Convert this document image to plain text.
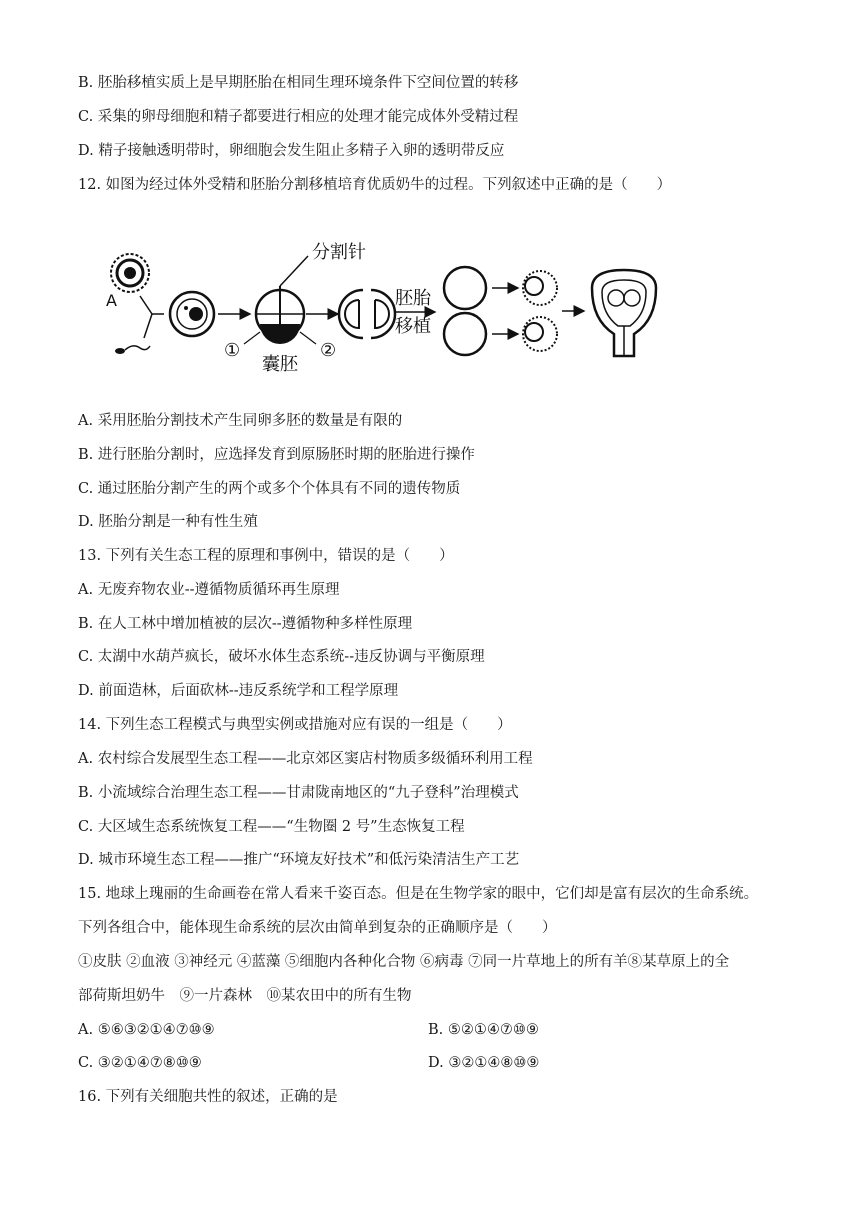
B. 胚胎移植实质上是早期胚胎在相同生理环境条件下空间位置的转移
C. 采集的卵母细胞和精子都要进行相应的处理才能完成体外受精过程
D. 精子接触透明带时，卵细胞会发生阻止多精子入卵的透明带反应
12. 如图为经过体外受精和胚胎分割移植培育优质奶牛的过程。下列叙述中正确的是（　　）
A
分割针
①	②
囊胚
胚胎
移植
A. 采用胚胎分割技术产生同卵多胚的数量是有限的
B. 进行胚胎分割时，应选择发育到原肠胚时期的胚胎进行操作
C. 通过胚胎分割产生的两个或多个个体具有不同的遗传物质
D. 胚胎分割是一种有性生殖
13. 下列有关生态工程的原理和事例中，错误的是（　　）
A. 无废弃物农业--遵循物质循环再生原理
B. 在人工林中增加植被的层次--遵循物种多样性原理
C. 太湖中水葫芦疯长，破坏水体生态系统--违反协调与平衡原理
D. 前面造林，后面砍林--违反系统学和工程学原理
14. 下列生态工程模式与典型实例或措施对应有误的一组是（　　）
A. 农村综合发展型生态工程——北京郊区窦店村物质多级循环利用工程
B. 小流域综合治理生态工程——甘肃陇南地区的“九子登科”治理模式
C. 大区域生态系统恢复工程——“生物圈 2 号”生态恢复工程
D. 城市环境生态工程——推广“环境友好技术”和低污染清洁生产工艺
15. 地球上瑰丽的生命画卷在常人看来千姿百态。但是在生物学家的眼中，它们却是富有层次的生命系统。
下列各组合中，能体现生命系统的层次由简单到复杂的正确顺序是（　　）
①皮肤 ②血液 ③神经元 ④蓝藻 ⑤细胞内各种化合物 ⑥病毒 ⑦同一片草地上的所有羊⑧某草原上的全
部荷斯坦奶牛　⑨一片森林　⑩某农田中的所有生物
A. ⑤⑥③②①④⑦⑩⑨	B. ⑤②①④⑦⑩⑨
C. ③②①④⑦⑧⑩⑨	D. ③②①④⑧⑩⑨
16. 下列有关细胞共性的叙述，正确的是
